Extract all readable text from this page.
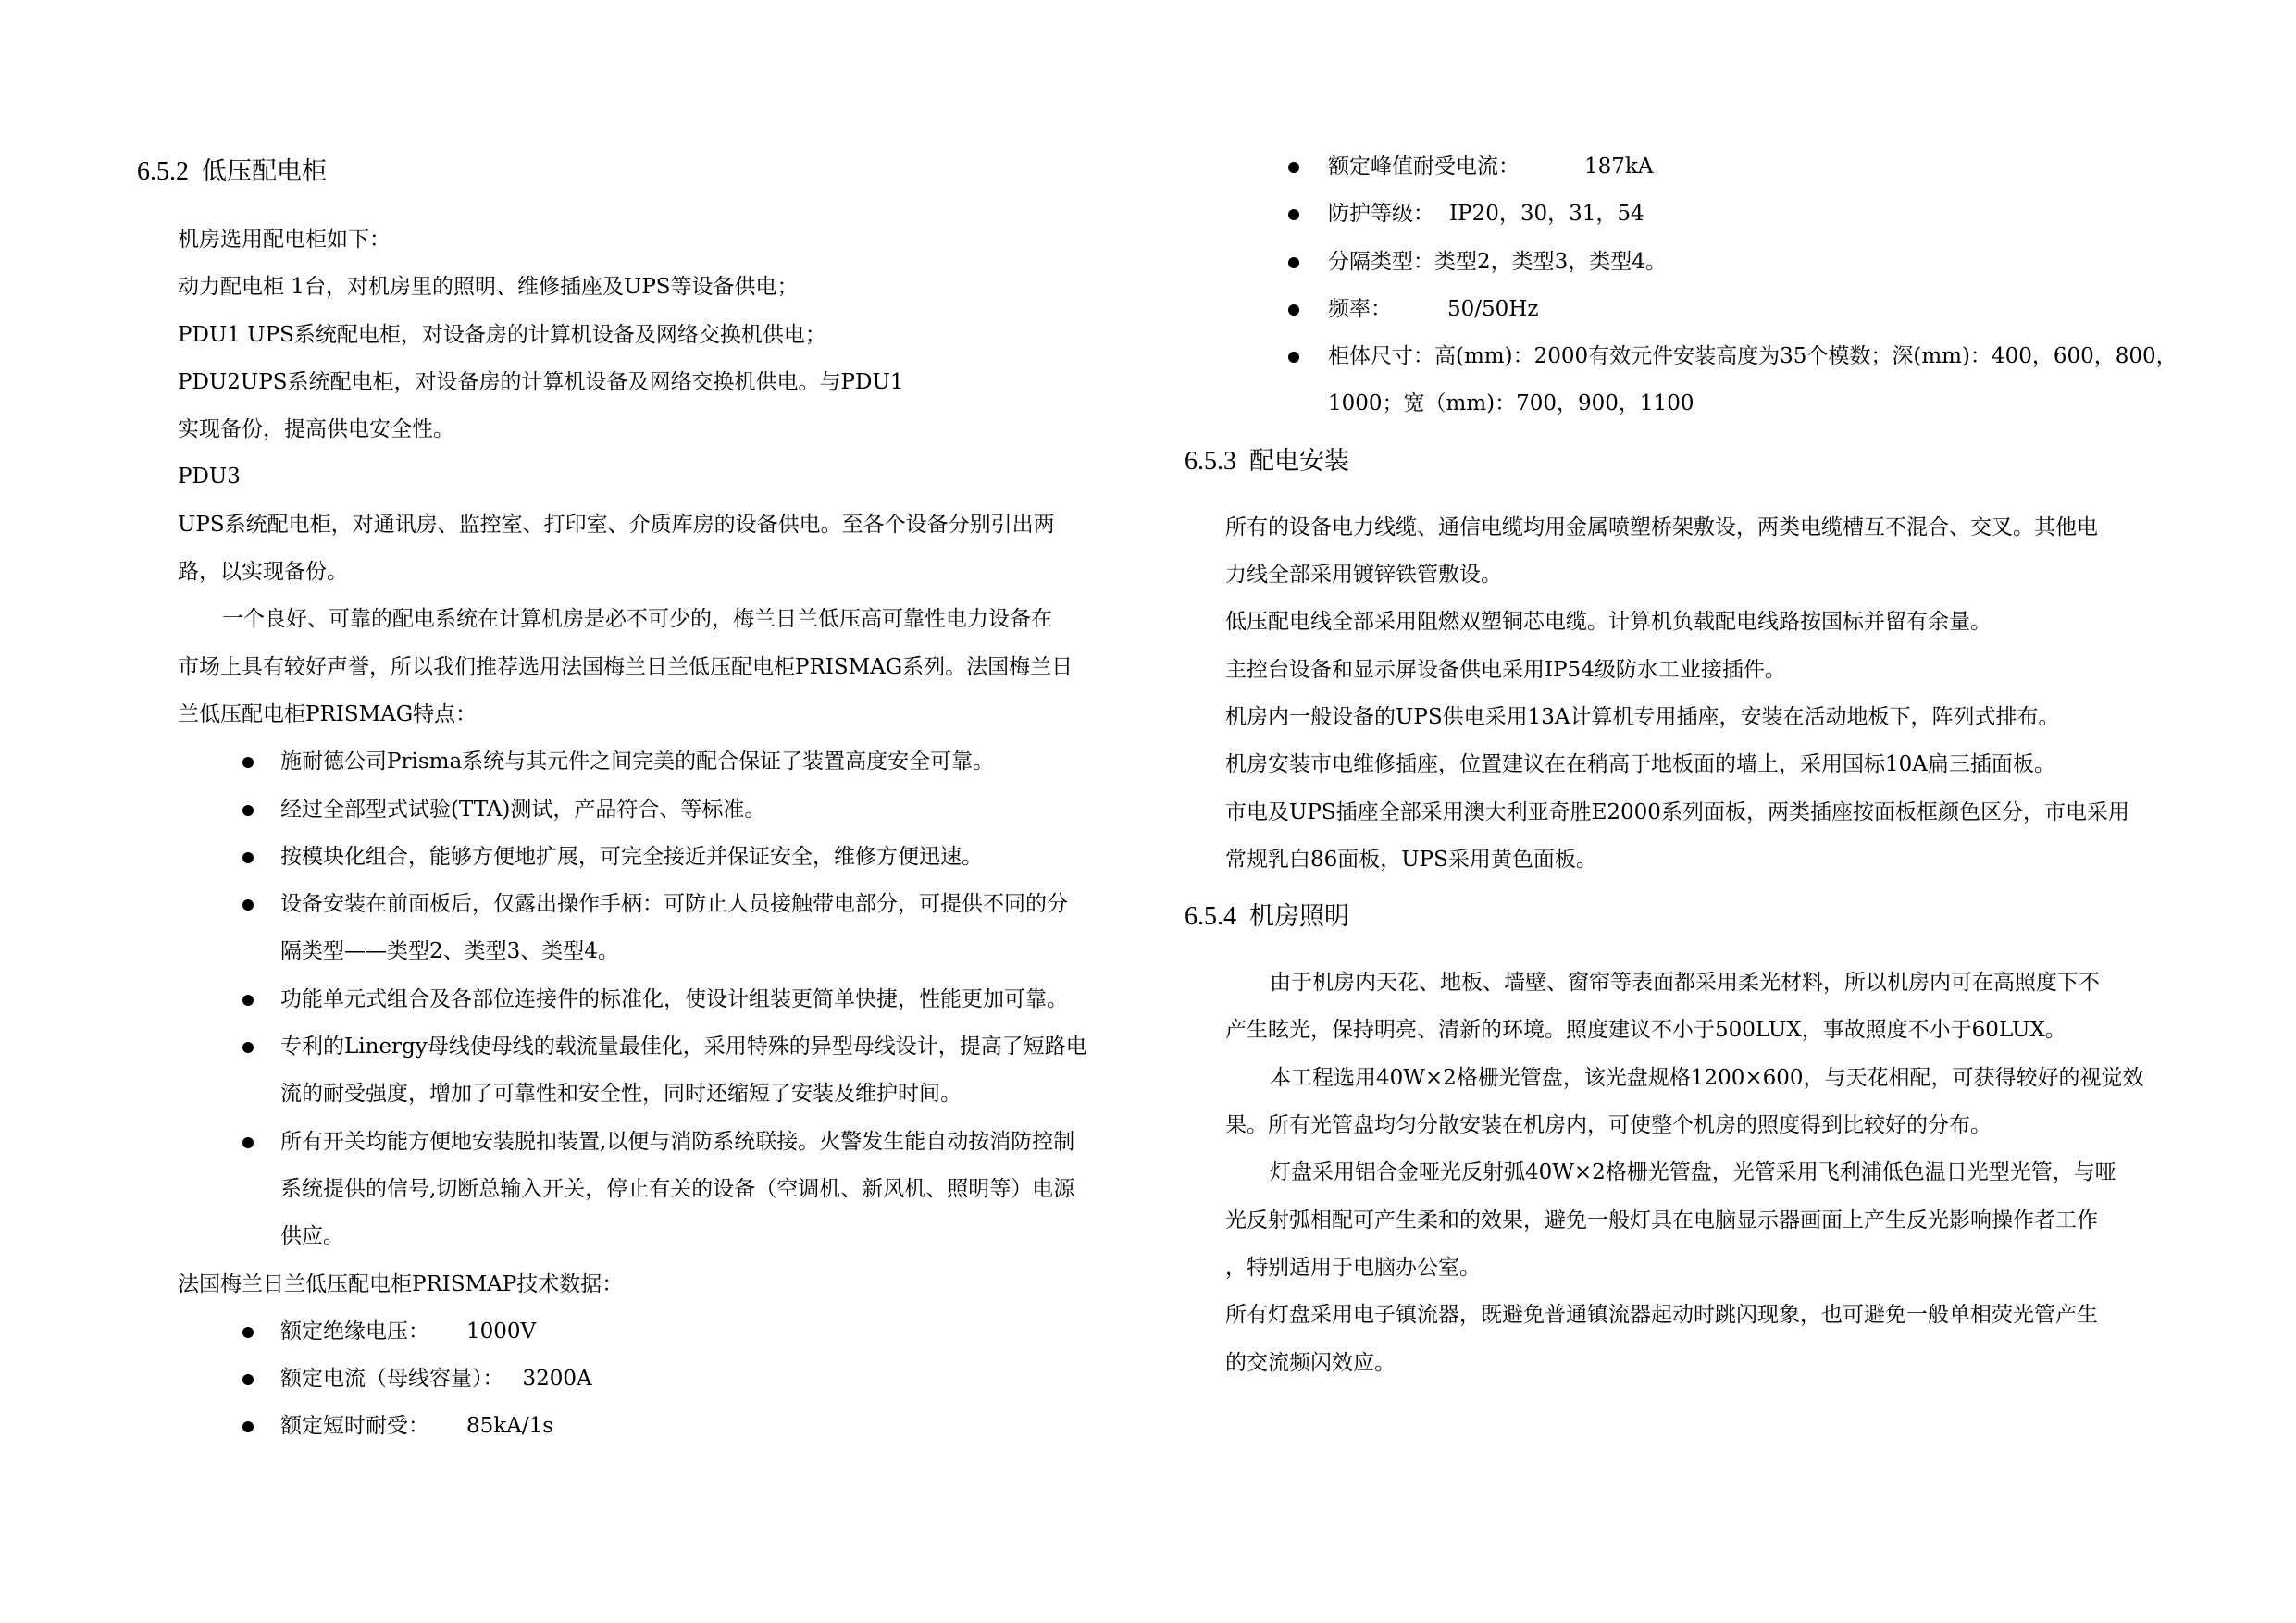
6.5.2 低压配电柜

机房选用配电柜如下：

动力配电柜 1台，对机房里的照明、维修插座及UPS等设备供电；

PDU1 UPS系统配电柜，对设备房的计算机设备及网络交换机供电；

PDU2UPS系统配电柜，对设备房的计算机设备及网络交换机供电。与PDU1

实现备份，提高供电安全性。

PDU3

UPS系统配电柜，对通讯房、监控室、打印室、介质库房的设备供电。至各个设备分别引出两

路，以实现备份。

一个良好、可靠的配电系统在计算机房是必不可少的，梅兰日兰低压高可靠性电力设备在

市场上具有较好声誉，所以我们推荐选用法国梅兰日兰低压配电柜PRISMAG系列。法国梅兰日

兰低压配电柜PRISMAG特点：

施耐德公司Prisma系统与其元件之间完美的配合保证了装置高度安全可靠。
经过全部型式试验(TTA)测试，产品符合、等标准。
按模块化组合，能够方便地扩展，可完全接近并保证安全，维修方便迅速。
设备安装在前面板后，仅露出操作手柄：可防止人员接触带电部分，可提供不同的分
隔类型——类型2、类型3、类型4。
功能单元式组合及各部位连接件的标准化，使设计组装更简单快捷，性能更加可靠。
专利的Linergy母线使母线的载流量最佳化，采用特殊的异型母线设计，提高了短路电
流的耐受强度，增加了可靠性和安全性，同时还缩短了安装及维护时间。
所有开关均能方便地安装脱扣装置,以便与消防系统联接。火警发生能自动按消防控制
系统提供的信号,切断总输入开关，停止有关的设备（空调机、新风机、照明等）电源
供应。

法国梅兰日兰低压配电柜PRISMAP技术数据：

额定绝缘电压： 1000V
额定电流（母线容量）： 3200A
额定短时耐受： 85kA/1s
额定峰值耐受电流：	187kA
防护等级： IP20，30，31，54
分隔类型：类型2，类型3，类型4。
频率：	50/50Hz
柜体尺寸：高(mm)：2000有效元件安装高度为35个模数；深(mm)：400，600，800，
1000；宽（mm)：700，900，1100
6.5.3 配电安装

所有的设备电力线缆、通信电缆均用金属喷塑桥架敷设，两类电缆槽互不混合、交叉。其他电

力线全部采用镀锌铁管敷设。

低压配电线全部采用阻燃双塑铜芯电缆。计算机负载配电线路按国标并留有余量。

主控台设备和显示屏设备供电采用IP54级防水工业接插件。

机房内一般设备的UPS供电采用13A计算机专用插座，安装在活动地板下，阵列式排布。

机房安装市电维修插座，位置建议在在稍高于地板面的墙上，采用国标10A扁三插面板。

市电及UPS插座全部采用澳大利亚奇胜E2000系列面板，两类插座按面板框颜色区分，市电采用

常规乳白86面板，UPS采用黄色面板。

6.5.4 机房照明

由于机房内天花、地板、墙壁、窗帘等表面都采用柔光材料，所以机房内可在高照度下不

产生眩光，保持明亮、清新的环境。照度建议不小于500LUX，事故照度不小于60LUX。

本工程选用40W×2格栅光管盘，该光盘规格1200×600，与天花相配，可获得较好的视觉效

果。所有光管盘均匀分散安装在机房内，可使整个机房的照度得到比较好的分布。

灯盘采用铝合金哑光反射弧40W×2格栅光管盘，光管采用飞利浦低色温日光型光管，与哑

光反射弧相配可产生柔和的效果，避免一般灯具在电脑显示器画面上产生反光影响操作者工作

，特别适用于电脑办公室。

所有灯盘采用电子镇流器，既避免普通镇流器起动时跳闪现象，也可避免一般单相荧光管产生

的交流频闪效应。
